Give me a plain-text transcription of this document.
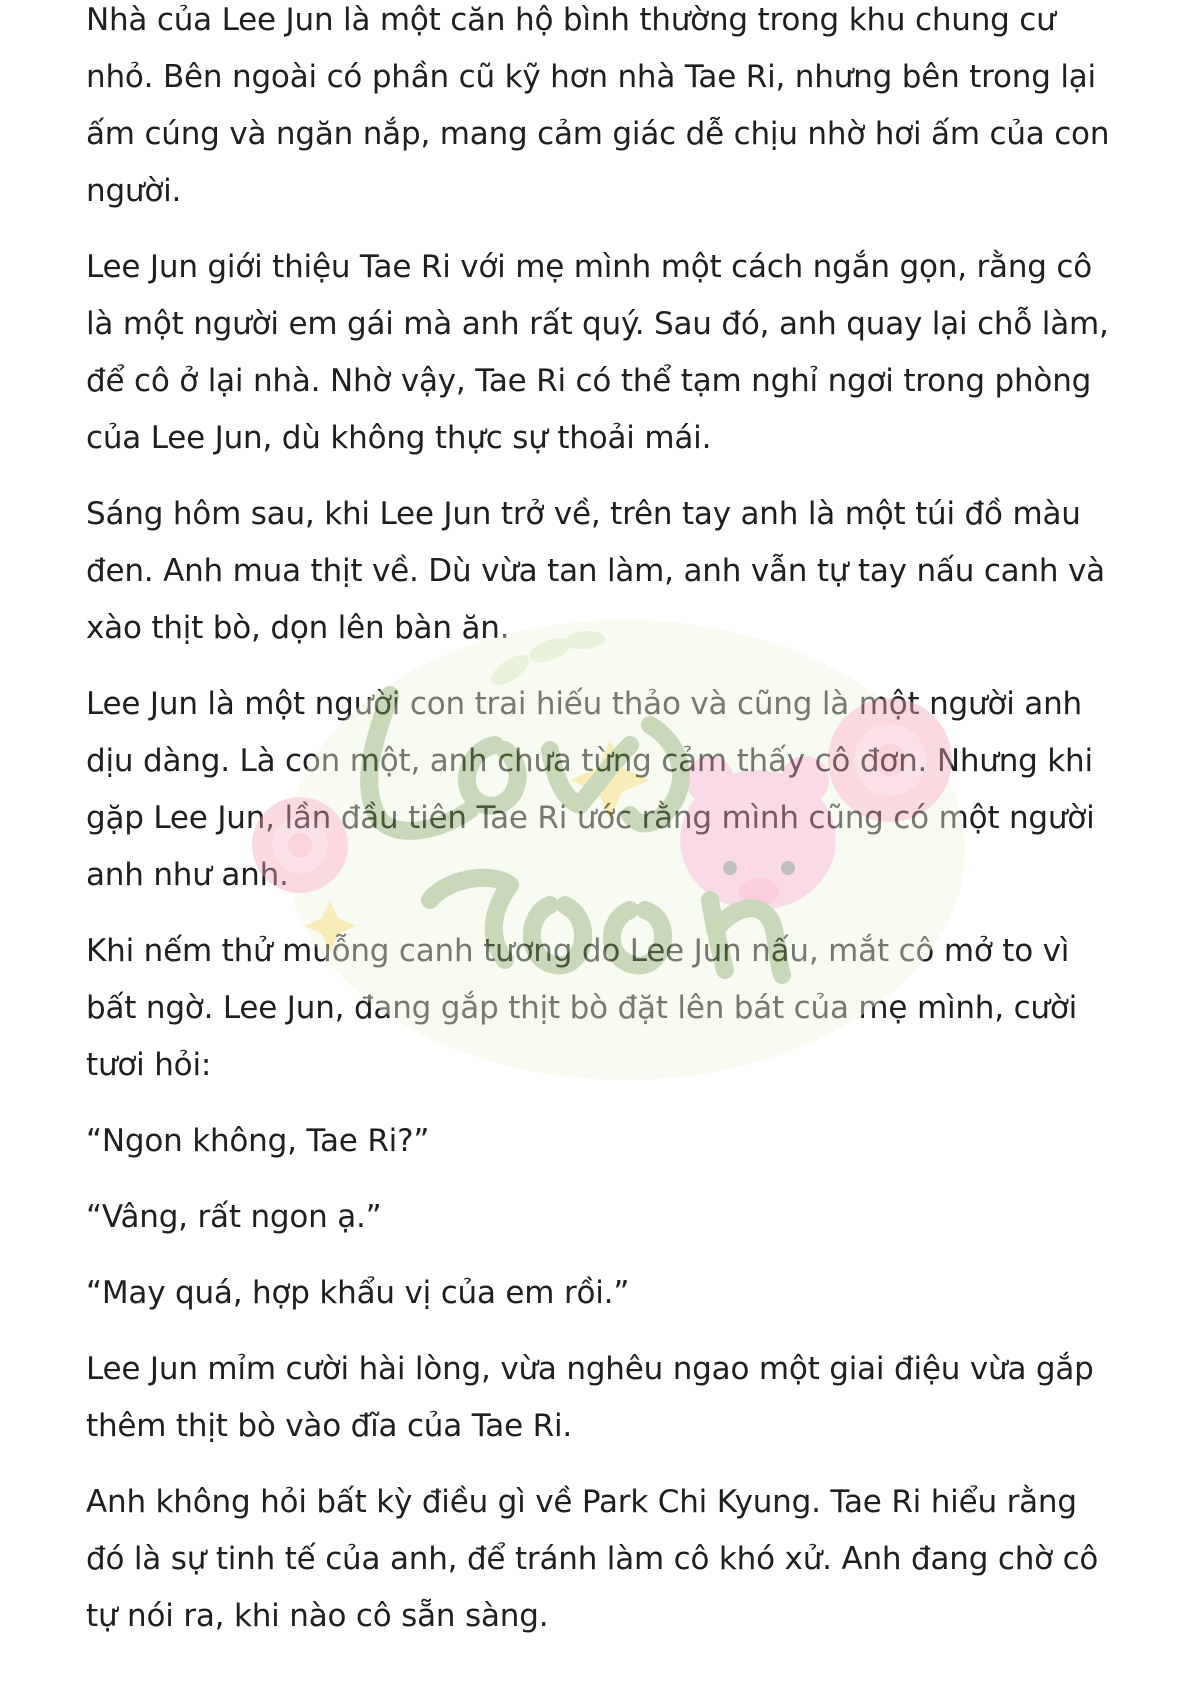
Nhà của Lee Jun là một căn hộ bình thường trong khu chung cư nhỏ. Bên ngoài có phần cũ kỹ hơn nhà Tae Ri, nhưng bên trong lại ấm cúng và ngăn nắp, mang cảm giác dễ chịu nhờ hơi ấm của con người.

Lee Jun giới thiệu Tae Ri với mẹ mình một cách ngắn gọn, rằng cô là một người em gái mà anh rất quý. Sau đó, anh quay lại chỗ làm, để cô ở lại nhà. Nhờ vậy, Tae Ri có thể tạm nghỉ ngơi trong phòng của Lee Jun, dù không thực sự thoải mái.

Sáng hôm sau, khi Lee Jun trở về, trên tay anh là một túi đồ màu đen. Anh mua thịt về. Dù vừa tan làm, anh vẫn tự tay nấu canh và xào thịt bò, dọn lên bàn ăn.

Lee Jun là một người con trai hiếu thảo và cũng là một người anh dịu dàng. Là con một, anh chưa từng cảm thấy cô đơn. Nhưng khi gặp Lee Jun, lần đầu tiên Tae Ri ước rằng mình cũng có một người anh như anh.

Khi nếm thử muỗng canh tương do Lee Jun nấu, mắt cô mở to vì bất ngờ. Lee Jun, đang gắp thịt bò đặt lên bát của mẹ mình, cười tươi hỏi:

“Ngon không, Tae Ri?”

“Vâng, rất ngon ạ.”

“May quá, hợp khẩu vị của em rồi.”

Lee Jun mỉm cười hài lòng, vừa nghêu ngao một giai điệu vừa gắp thêm thịt bò vào đĩa của Tae Ri.

Anh không hỏi bất kỳ điều gì về Park Chi Kyung. Tae Ri hiểu rằng đó là sự tinh tế của anh, để tránh làm cô khó xử. Anh đang chờ cô tự nói ra, khi nào cô sẵn sàng.
